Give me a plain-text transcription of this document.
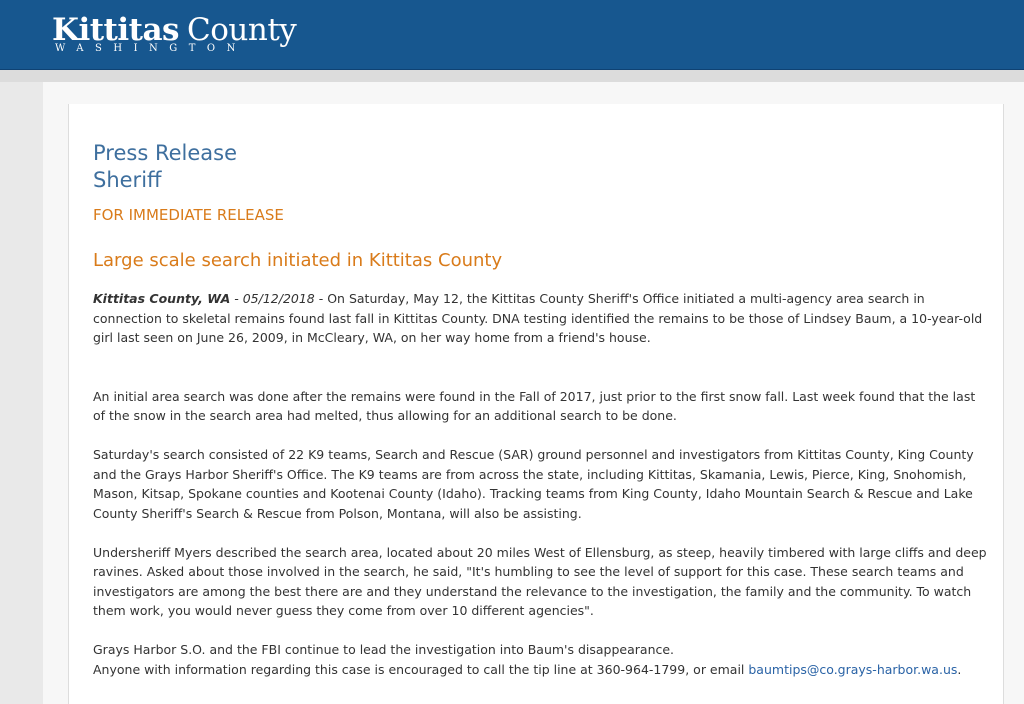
Kittitas County
WASHINGTON
Press Release
Sheriff
FOR IMMEDIATE RELEASE
Large scale search initiated in Kittitas County

Kittitas County, WA - 05/12/2018 - On Saturday, May 12, the Kittitas County Sheriff's Office initiated a multi-agency area search in connection to skeletal remains found last fall in Kittitas County. DNA testing identified the remains to be those of Lindsey Baum, a 10-year-old girl last seen on June 26, 2009, in McCleary, WA, on her way home from a friend's house.

An initial area search was done after the remains were found in the Fall of 2017, just prior to the first snow fall. Last week found that the last of the snow in the search area had melted, thus allowing for an additional search to be done.

Saturday's search consisted of 22 K9 teams, Search and Rescue (SAR) ground personnel and investigators from Kittitas County, King County and the Grays Harbor Sheriff's Office. The K9 teams are from across the state, including Kittitas, Skamania, Lewis, Pierce, King, Snohomish, Mason, Kitsap, Spokane counties and Kootenai County (Idaho). Tracking teams from King County, Idaho Mountain Search & Rescue and Lake County Sheriff's Search & Rescue from Polson, Montana, will also be assisting.

Undersheriff Myers described the search area, located about 20 miles West of Ellensburg, as steep, heavily timbered with large cliffs and deep ravines. Asked about those involved in the search, he said, "It's humbling to see the level of support for this case. These search teams and investigators are among the best there are and they understand the relevance to the investigation, the family and the community. To watch them work, you would never guess they come from over 10 different agencies".

Grays Harbor S.O. and the FBI continue to lead the investigation into Baum's disappearance.
Anyone with information regarding this case is encouraged to call the tip line at 360-964-1799, or email baumtips@co.grays-harbor.wa.us.
